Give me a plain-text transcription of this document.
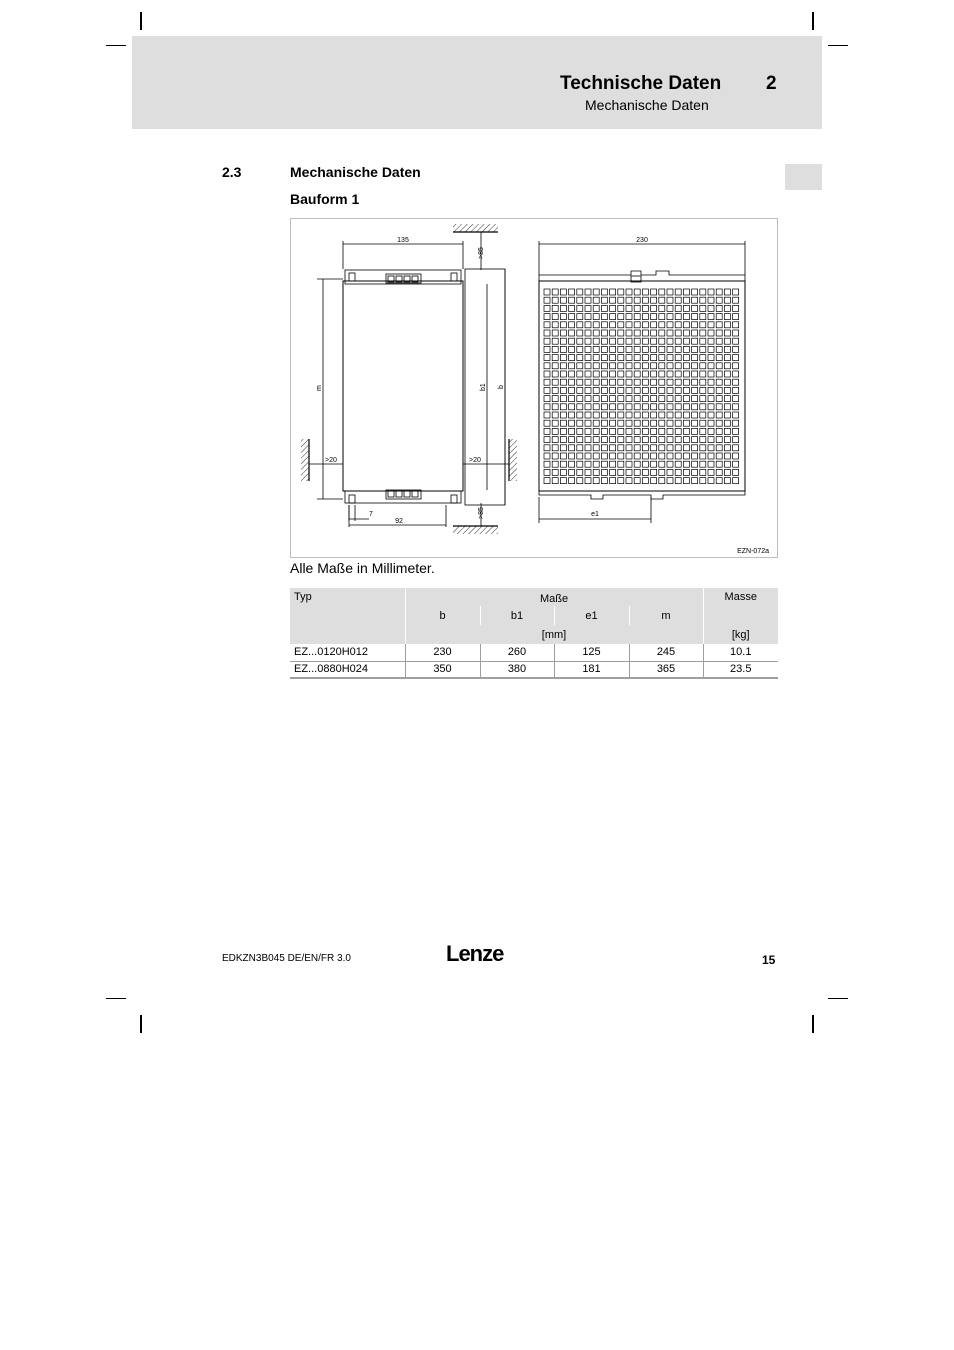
Technische Daten 2
Mechanische Daten
2.3	Mechanische Daten
Bauform 1
135
>85
>85
>20	>20
m	b1 b
7
92
230
e1
EZN-072a
Alle Maße in Millimeter.
Typ	Maße				Masse
	b	b1	e1	m	
	[mm]				[kg]
EZ...0120H012	230	260	125	245	10.1
EZ...0880H024	350	380	181	365	23.5
EDKZN3B045 DE/EN/FR 3.0	Lenze	15
